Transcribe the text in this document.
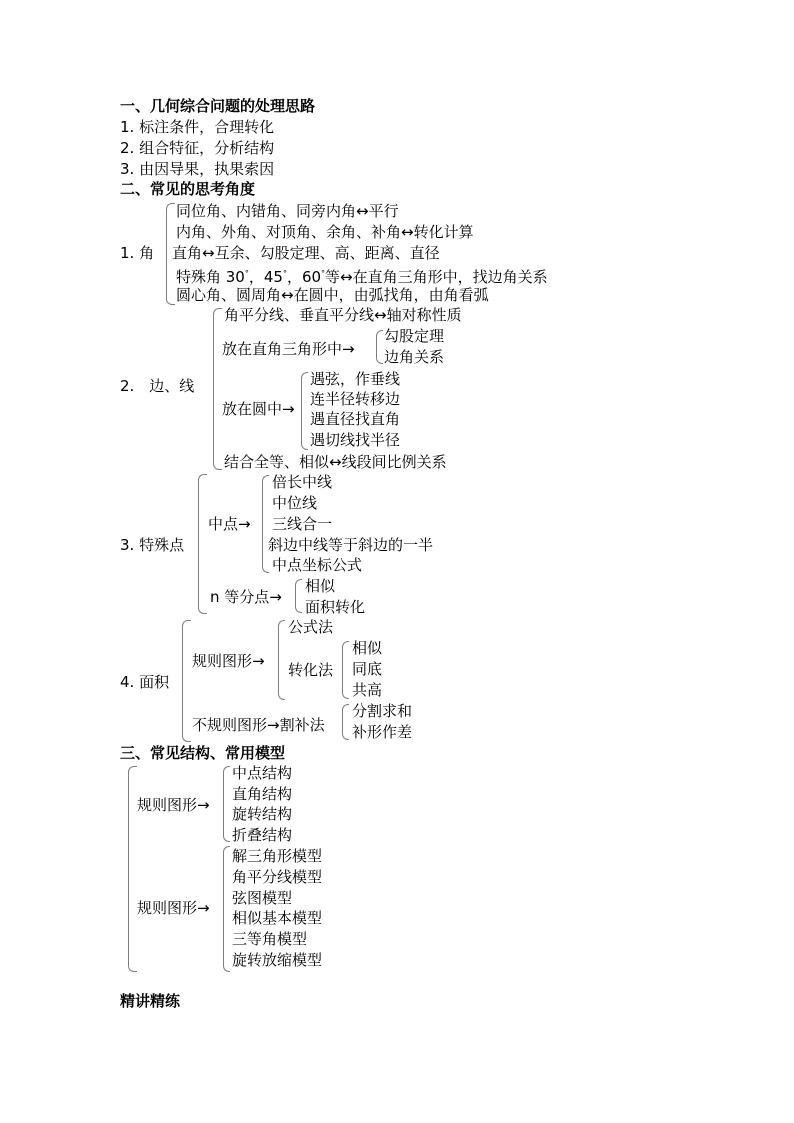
一、几何综合问题的处理思路
1. 标注条件，合理转化
2. 组合特征，分析结构
3. 由因导果，执果索因
二、常见的思考角度
1. 角
同位角、内错角、同旁内角↔平行
内角、外角、对顶角、余角、补角↔转化计算
直角↔互余、勾股定理、高、距离、直径
特殊角 30°，45°，60°等↔在直角三角形中，找边角关系
圆心角、圆周角↔在圆中，由弧找角，由角看弧
2.　边、线
角平分线、垂直平分线↔轴对称性质
放在直角三角形中→
勾股定理
边角关系
放在圆中→
遇弦，作垂线
连半径转移边
遇直径找直角
遇切线找半径
结合全等、相似↔线段间比例关系
3. 特殊点
中点→
倍长中线
中位线
三线合一
斜边中线等于斜边的一半
中点坐标公式
n 等分点→
相似
面积转化
4. 面积
规则图形→
公式法
转化法
相似
同底
共高
不规则图形→割补法
分割求和
补形作差
三、常见结构、常用模型
规则图形→
中点结构
直角结构
旋转结构
折叠结构
规则图形→
解三角形模型
角平分线模型
弦图模型
相似基本模型
三等角模型
旋转放缩模型
精讲精练
